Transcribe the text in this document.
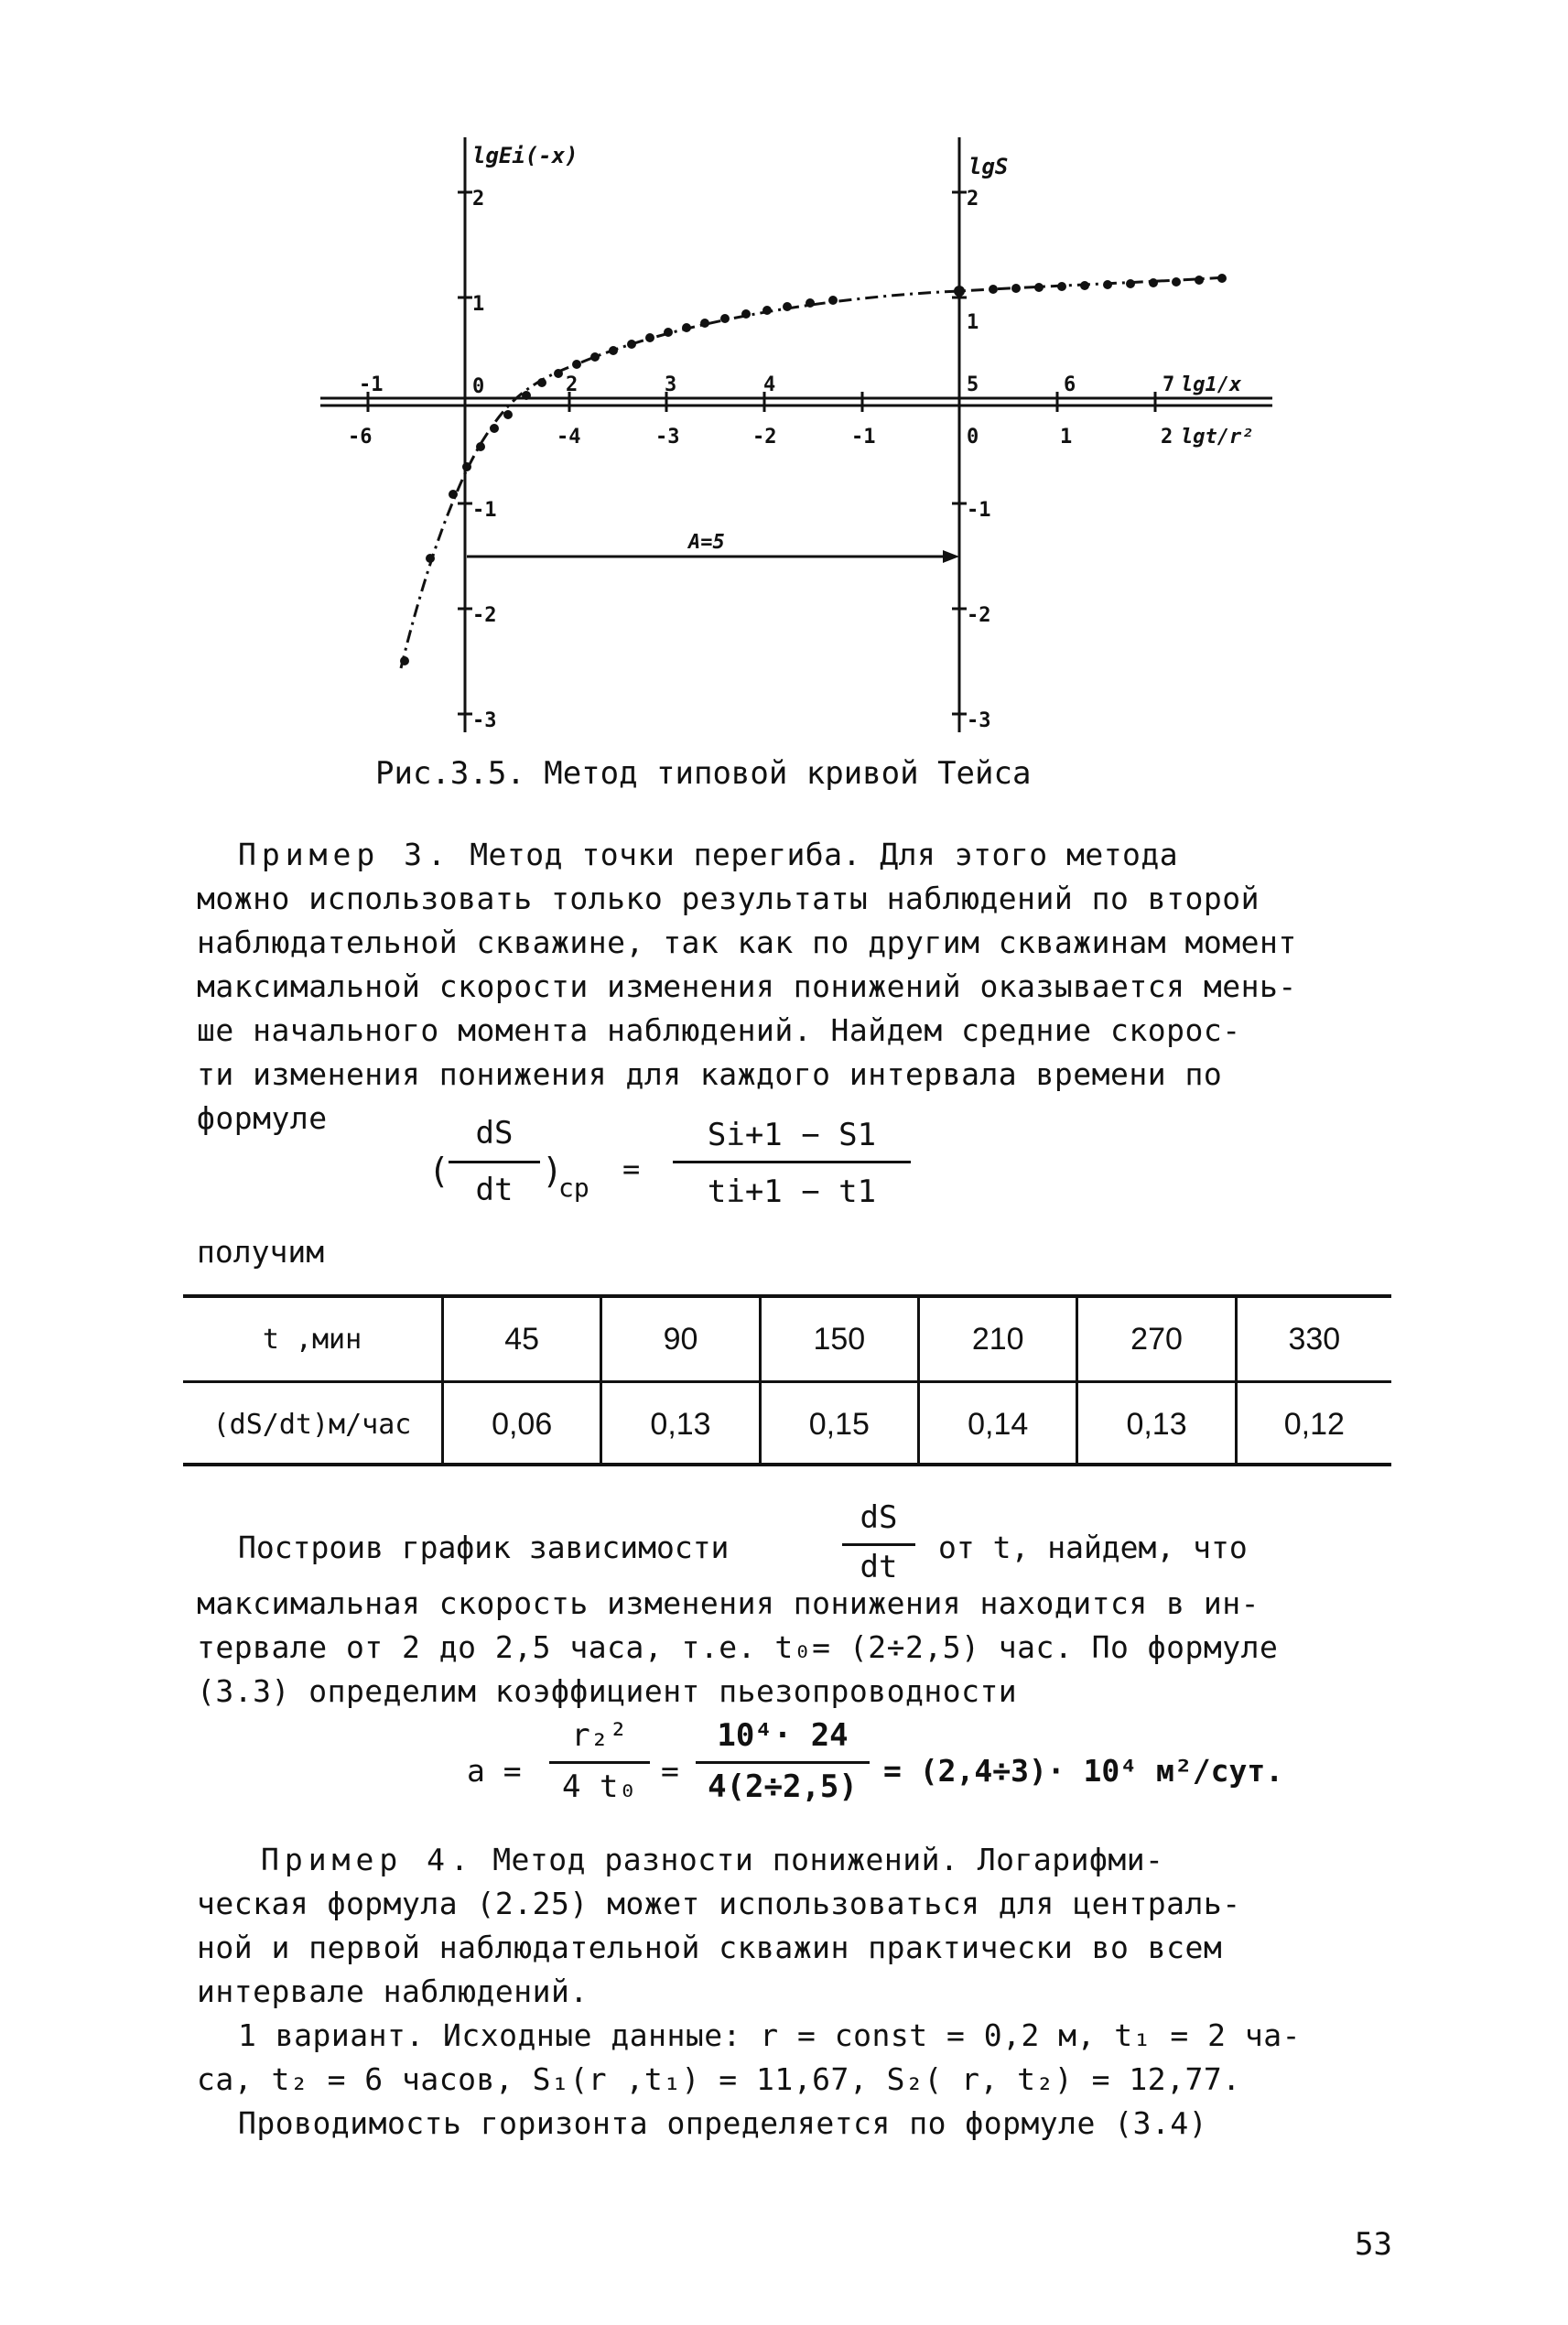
lgEi(-x)	lgS
2
1
0
-1
-2
-3
2
1
-1
-2
-3
-1	2	3	4	5	6	7 lg1/x
-6	-4	-3	-2	-1	0	1	2 lgt/r²
A=5
Рис.3.5. Метод типовой кривой Тейса
Пример 3. Метод точки перегиба. Для этого метода
можно использовать только результаты наблюдений по второй
наблюдательной скважине, так как по другим скважинам момент
максимальной скорости изменения понижений оказывается мень-
ше начального момента наблюдений. Найдем средние скорос-
ти изменения понижения для каждого интервала времени по
формуле
(
dS
dt )
ср
=
Si+1 − S1
ti+1 − t1
получим
t ,мин	45	90	150	210	270	330
(dS/dt)м/час	0,06	0,13	0,15	0,14	0,13	0,12
Построив график зависимости
dS
dt
от t, найдем, что
максимальная скорость изменения понижения находится в ин-
тервале от 2 до 2,5 часа, т.е. t₀= (2÷2,5) час. По формуле
(3.3) определим коэффициент пьезопроводности
a =
r₂²
4 t₀ =
10⁴· 24
4(2÷2,5) = (2,4÷3)· 10⁴ м²/сут.
Пример 4. Метод разности понижений. Логарифми-
ческая формула (2.25) может использоваться для централь-
ной и первой наблюдательной скважин практически во всем
интервале наблюдений.
1 вариант. Исходные данные: r = const = 0,2 м, t₁ = 2 ча-
са, t₂ = 6 часов, S₁(r ,t₁) = 11,67, S₂( r, t₂) = 12,77.
Проводимость горизонта определяется по формуле (3.4)
53
